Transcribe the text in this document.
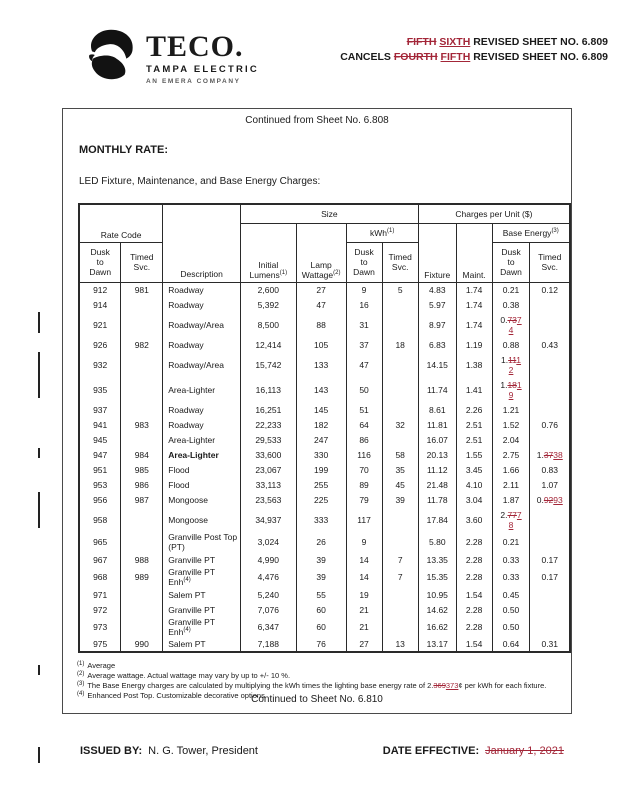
TECO.
TAMPA ELECTRIC
AN EMERA COMPANY
FIFTH SIXTH REVISED SHEET NO. 6.809
CANCELS FOURTH FIFTH REVISED SHEET NO. 6.809
Continued from Sheet No. 6.808
MONTHLY RATE:
LED Fixture, Maintenance, and Base Energy Charges:
Rate Code		Description	Size				Charges per Unit ($)			
			Initial Lumens$^{(1)}$	Lamp Wattage$^{(2)}$	kWh$^{(1)}$		Fixture	Maint.	Base Energy$^{(3)}$
Dusk to Dawn	Timed Svc.				Dusk to Dawn	Timed Svc.			Dusk to Dawn	Timed Svc.
912	981	Roadway	2,600	27	9	5	4.83	1.74	0.21	0.12
914		Roadway	5,392	47	16		5.97	1.74	0.38	
921		Roadway/Area	8,500	88	31		8.97	1.74	0.737
4	
926	982	Roadway	12,414	105	37	18	6.83	1.19	0.88	0.43
932		Roadway/Area	15,742	133	47		14.15	1.38	1.111
2	
935		Area-Lighter	16,113	143	50		11.74	1.41	1.181
9	
937		Roadway	16,251	145	51		8.61	2.26	1.21	
941	983	Roadway	22,233	182	64	32	11.81	2.51	1.52	0.76
945		Area-Lighter	29,533	247	86		16.07	2.51	2.04	
947	984	Area-Lighter	33,600	330	116	58	20.13	1.55	2.75	1.3738
951	985	Flood	23,067	199	70	35	11.12	3.45	1.66	0.83
953	986	Flood	33,113	255	89	45	21.48	4.10	2.11	1.07
956	987	Mongoose	23,563	225	79	39	11.78	3.04	1.87	0.9293
958		Mongoose	34,937	333	117		17.84	3.60	2.777
8	
965		Granville Post Top (PT)	3,024	26	9		5.80	2.28	0.21	
967	988	Granville PT	4,990	39	14	7	13.35	2.28	0.33	0.17
968	989	Granville PT Enh$^{(4)}$	4,476	39	14	7	15.35	2.28	0.33	0.17
971		Salem PT	5,240	55	19		10.95	1.54	0.45	
972		Granville PT	7,076	60	21		14.62	2.28	0.50	
973		Granville PT Enh$^{(4)}$	6,347	60	21		16.62	2.28	0.50	
975	990	Salem PT	7,188	76	27	13	13.17	1.54	0.64	0.31
$^{(1)}$ Average
$^{(2)}$ Average wattage. Actual wattage may vary by up to +/- 10 %.
$^{(3)}$ The Base Energy charges are calculated by multiplying the kWh times the lighting base energy rate of 2.369373¢ per kWh for each fixture.
$^{(4)}$ Enhanced Post Top. Customizable decorative options
Continued to Sheet No. 6.810
ISSUED BY: N. G. Tower, President	DATE EFFECTIVE: January 1, 2021
